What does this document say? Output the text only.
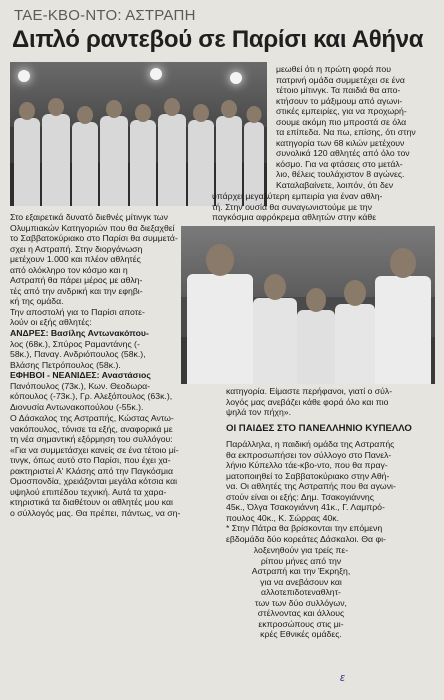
ΤΑΕ-ΚΒΟ-ΝΤΟ: ΑΣΤΡΑΠΗ
Διπλό ραντεβού σε Παρίσι και Αθήνα

μεωθεί ότι η πρώτη φορά που

πατρινή ομάδα συμμετέχει σε ένα

τέτοιο μίτινγκ. Τα παιδιά θα απο-

κτήσουν το μάξιμουμ από αγωνι-

στικές εμπειρίες, για να προχωρή-

σουμε ακόμη πιο μπροστά σε όλα

τα επίπεδα. Να πω, επίσης, ότι στην

κατηγορία των 68 κιλών μετέχουν

συνολικά 120 αθλητές από όλο τον

κόσμο. Για να φτάσεις στο μετάλ-

λιο, θέλεις τουλάχιστον 8 αγώνες.

Καταλαβαίνετε, λοιπόν, ότι δεν

υπάρχει μεγαλύτερη εμπειρία για έναν αθλη-

τή. Στην ουσία θα συναγωνιστούμε με την

παγκόσμια αφρόκρεμα αθλητών στην κάθε

Στο εξαιρετικά δυνατό διεθνές μίτινγκ των

Ολυμπιακών Κατηγοριών που θα διεξαχθεί

το Σαββατοκύριακο στο Παρίσι θα συμμετά-

σχει η Αστραπή. Στην διοργάνωση

μετέχουν 1.000 και πλέον αθλητές

από ολόκληρο τον κόσμο και η

Αστραπή θα πάρει μέρος με αθλη-

τές από την ανδρική και την εφηβι-

κή της ομάδα.

Την αποστολή για το Παρίσι αποτε-

λούν οι εξής αθλητές:

ΑΝΔΡΕΣ: Βασίλης Αντωνακόπου-

λος (68κ.), Σπύρος Ραμαντάνης (-

58κ.), Παναγ. Ανδριόπουλος (58κ.),

Βλάσης Πετρόπουλος (58κ.).

ΕΦΗΒΟΙ - ΝΕΑΝΙΔΕΣ: Αναστάσιος

Πανόπουλος (73κ.), Κων. Θεοδωρα-

κόπουλος (-73κ.), Γρ. Αλεξόπουλος (63κ.),

Διονυσία Αντωνακοπούλου (-55κ.).

Ο Δάσκαλος της Αστραπής, Κώστας Αντω-

νακόπουλος, τόνισε τα εξής, αναφορικά με

τη νέα σημαντική εξόρμηση του συλλόγου:

«Για να συμμετάσχει κανείς σε ένα τέτοιο μί-

τινγκ, όπως αυτό στο Παρίσι, που έχει χα-

ρακτηριστεί Α' Κλάσης από την Παγκόσμια

Ομοσπονδία, χρειάζονται μεγάλα κότσια και

υψηλού επιπέδου τεχνική. Αυτά τα χαρα-

κτηριστικά τα διαθέτουν οι αθλητές μου και

ο σύλλογός μας. Θα πρέπει, πάντως, να ση-

κατηγορία. Είμαστε περήφανοι, γιατί ο σύλ-

λογός μας ανεβάζει κάθε φορά όλο και πιο

ψηλά τον πήχη».

ΟΙ ΠΑΙΔΕΣ ΣΤΟ ΠΑΝΕΛΛΗΝΙΟ ΚΥΠΕΛΛΟ

Παράλληλα, η παιδική ομάδα της Αστραπής

θα εκπροσωπήσει τον σύλλογο στο Πανελ-

λήνιο Κύπελλο τάε-κβο-ντο, που θα πραγ-

ματοποιηθεί το Σαββατοκύριακο στην Αθή-

να. Οι αθλητές της Αστραπής που θα αγωνι-

στούν είναι οι εξής: Δημ. Τσακογιάννης

45κ., Όλγα Τσακογιάννη 41κ., Γ. Λαμπρό-

πουλος 40κ., Κ. Σώρρας 40κ.

* Στην Πάτρα θα βρίσκονται την επόμενη

εβδομάδα δύο κορεάτες Δάσκαλοι. Θα φι-

λοξενηθούν για τρείς πε-

ρίπου μήνες από την

Αστραπή και την Έκρηξη,

για να ανεβάσουν και

αλλοτεπιδοτεναθλητ-

των των δύο συλλόγων,

στέλνοντας και άλλους

εκπροσώπους στις μι-

κρές Εθνικές ομάδες.

ε
